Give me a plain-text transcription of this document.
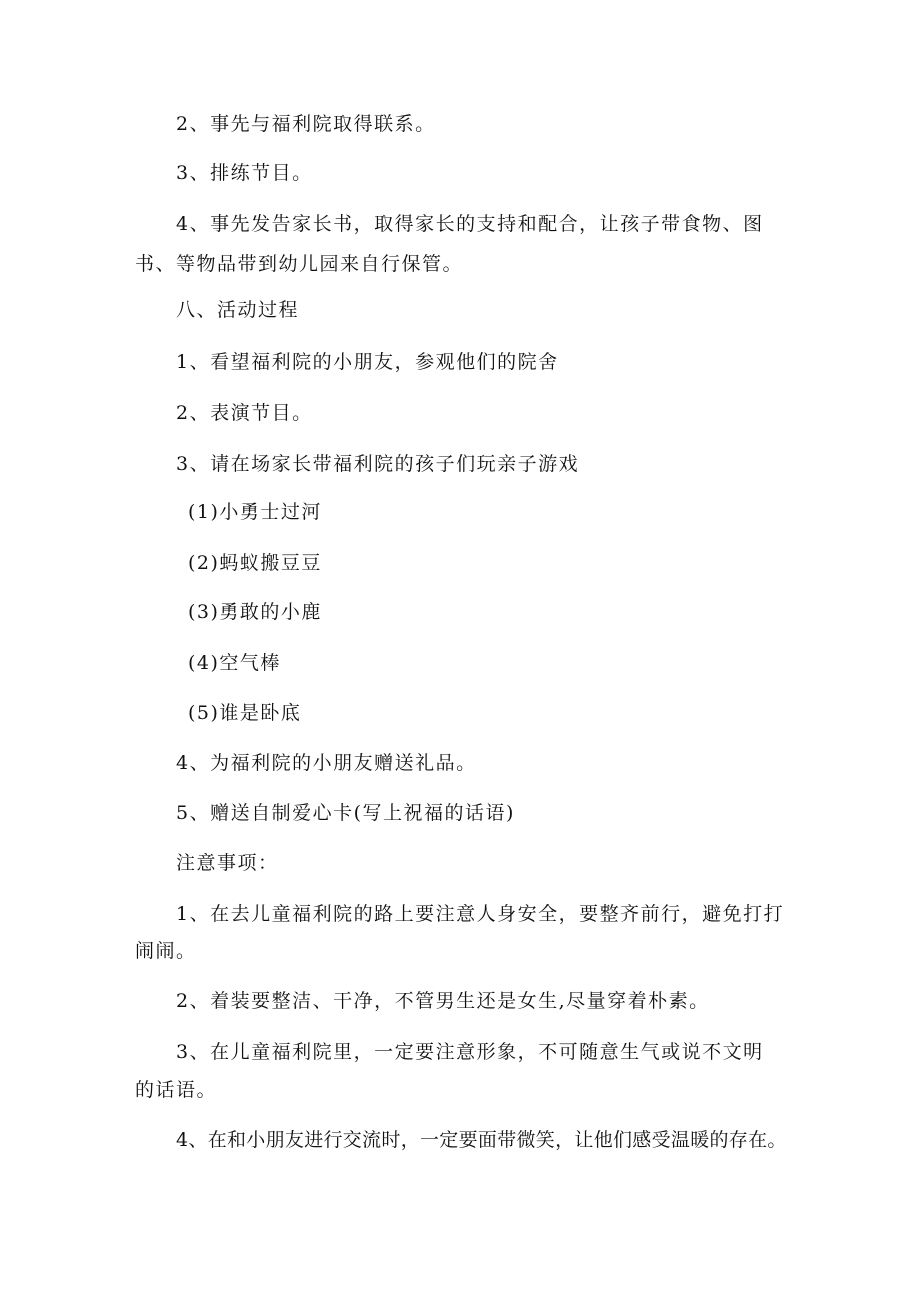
2、事先与福利院取得联系。
3、排练节目。
4、事先发告家长书，取得家长的支持和配合，让孩子带食物、图
书、等物品带到幼儿园来自行保管。
八、活动过程
1、看望福利院的小朋友，参观他们的院舍
2、表演节目。
3、请在场家长带福利院的孩子们玩亲子游戏
(1)小勇士过河
(2)蚂蚁搬豆豆
(3)勇敢的小鹿
(4)空气棒
(5)谁是卧底
4、为福利院的小朋友赠送礼品。
5、赠送自制爱心卡(写上祝福的话语)
注意事项：
1、在去儿童福利院的路上要注意人身安全，要整齐前行，避免打打
闹闹。
2、着装要整洁、干净，不管男生还是女生,尽量穿着朴素。
3、在儿童福利院里，一定要注意形象，不可随意生气或说不文明
的话语。
4、在和小朋友进行交流时，一定要面带微笑，让他们感受温暖的存在。
